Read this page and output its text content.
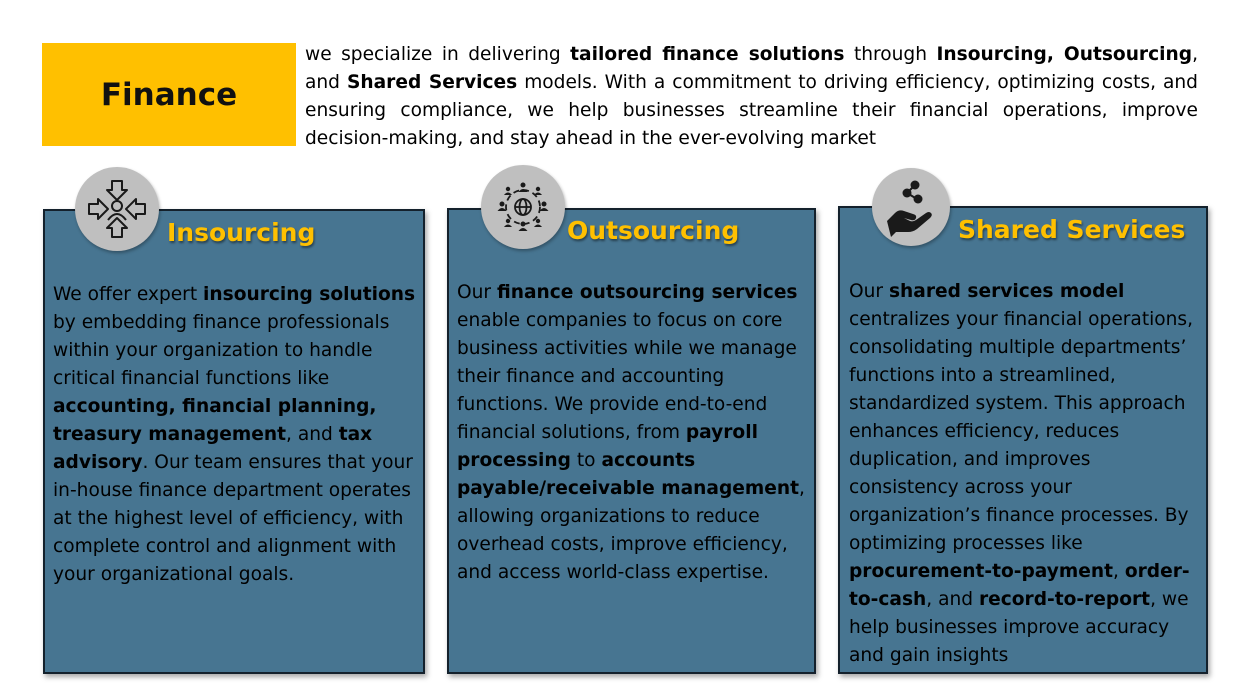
Finance
we specialize in delivering tailored finance solutions through Insourcing, Outsourcing, and Shared Services models. With a commitment to driving efficiency, optimizing costs, and ensuring compliance, we help businesses streamline their financial operations, improve decision-making, and stay ahead in the ever-evolving market
Insourcing
We offer expert insourcing solutions by embedding finance professionals within your organization to handle critical financial functions like accounting, financial planning, treasury management, and tax advisory. Our team ensures that your in-house finance department operates at the highest level of efficiency, with complete control and alignment with your organizational goals.
Outsourcing
Our finance outsourcing services enable companies to focus on core business activities while we manage their finance and accounting functions. We provide end-to-end financial solutions, from payroll processing to accounts payable/receivable management, allowing organizations to reduce overhead costs, improve efficiency, and access world-class expertise.
Shared Services
Our shared services model centralizes your financial operations, consolidating multiple departments’ functions into a streamlined, standardized system. This approach enhances efficiency, reduces duplication, and improves consistency across your organization’s finance processes. By optimizing processes like procurement-to-payment, order-to-cash, and record-to-report, we help businesses improve accuracy and gain insights
